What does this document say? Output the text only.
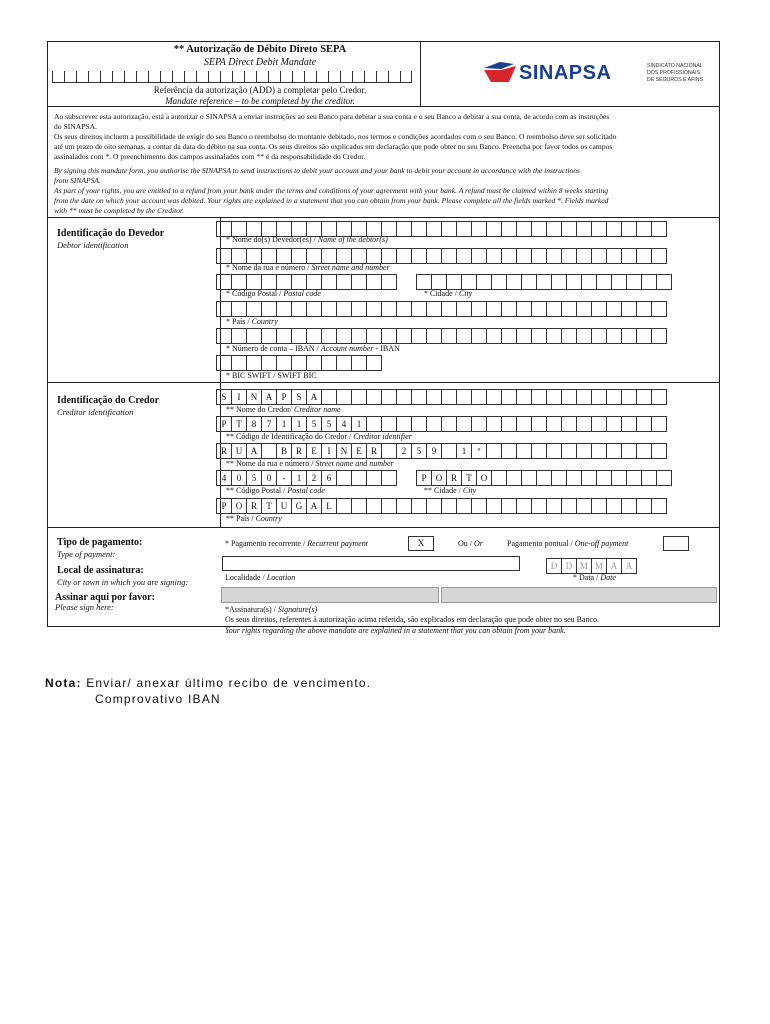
** Autorização de Débito Direto SEPA
SEPA Direct Debit Mandate
Referência da autorização (ADD) a completar pelo Credor.
Mandate reference – to be completed by the creditor.
SINAPSA	SINDICATO NACIONAL
DOS PROFISSIONAIS
DE SEGUROS E AFINS
Ao subscrever esta autorização, está a autorizar o SINAPSA a enviar instruções ao seu Banco para debitar a sua conta e o seu Banco a debitar a sua conta, de acordo com as instruções
do SINAPSA.
Os seus direitos incluem a possibilidade de exigir do seu Banco o reembolso do montante debitado, nos termos e condições acordados com o seu Banco. O reembolso deve ser solicitado
até um prazo de oito semanas, a contar da data do débito na sua conta. Os seus direitos são explicados em declaração que pode obter no seu Banco. Preencha por favor todos os campos
assinalados com *. O preenchimento dos campos assinalados com ** é da responsabilidade do Credor.
By signing this mandate form, you authorise the SINAPSA to send instructions to debit your account and your bank to debit your account in accordance with the instructions
from SINAPSA.
As part of your rights, you are entitled to a refund from your bank under the terms and conditions of your agreement with your bank. A refund must be claimed within 8 weeks starting
from the date on which your account was debited. Your rights are explained in a statement that you can obtain from your bank. Please complete all the fields marked *. Fields marked
with ** must be completed by the Creditor.
Identificação do Devedor
Debtor identification
* Nome do(s) Devedor(es) / Name of the debtor(s)
* Nome da rua e número / Street name and number
* Código Postal / Postal code	* Cidade / City
* País / Country
* Número de conta – IBAN / Account number - IBAN
* BIC SWIFT / SWIFT BIC
Identificação do Credor
Creditor identification
S	I	N A	P	S	A
** Nome do Credor/ Creditor name
P	T	8	7	1	1	5	5	4	1
** Código de Identificação do Credor / Creditor identifier
R U A	B R	E	I	N	E	R	2	5	9	1	º
** Nome da rua e número / Street name and number
4	0	5	0	-	1	2	6	P	O R	T	O
** Código Postal / Postal code	** Cidade / City
P	O R	T	U G A	L
** País / Country
Tipo de pagamento:
Type of payment:
* Pagamento recorrente / Recurrent payment	X	Ou / Or	Pagamento pontual / One-off payment
Local de assinatura:
City or town in which you are signing:	Localidade / Location
D D M M A A
* Data / Date
Assinar aqui por favor:
Please sign here:	*Assinatura(s) / Signature(s)
Os seus direitos, referentes à autorização acima referida, são explicados em declaração que pode obter no seu Banco.
Your rights regarding the above mandate are explained in a statement that you can obtain from your bank.
Nota: Enviar/ anexar último recibo de vencimento.
Comprovativo IBAN
